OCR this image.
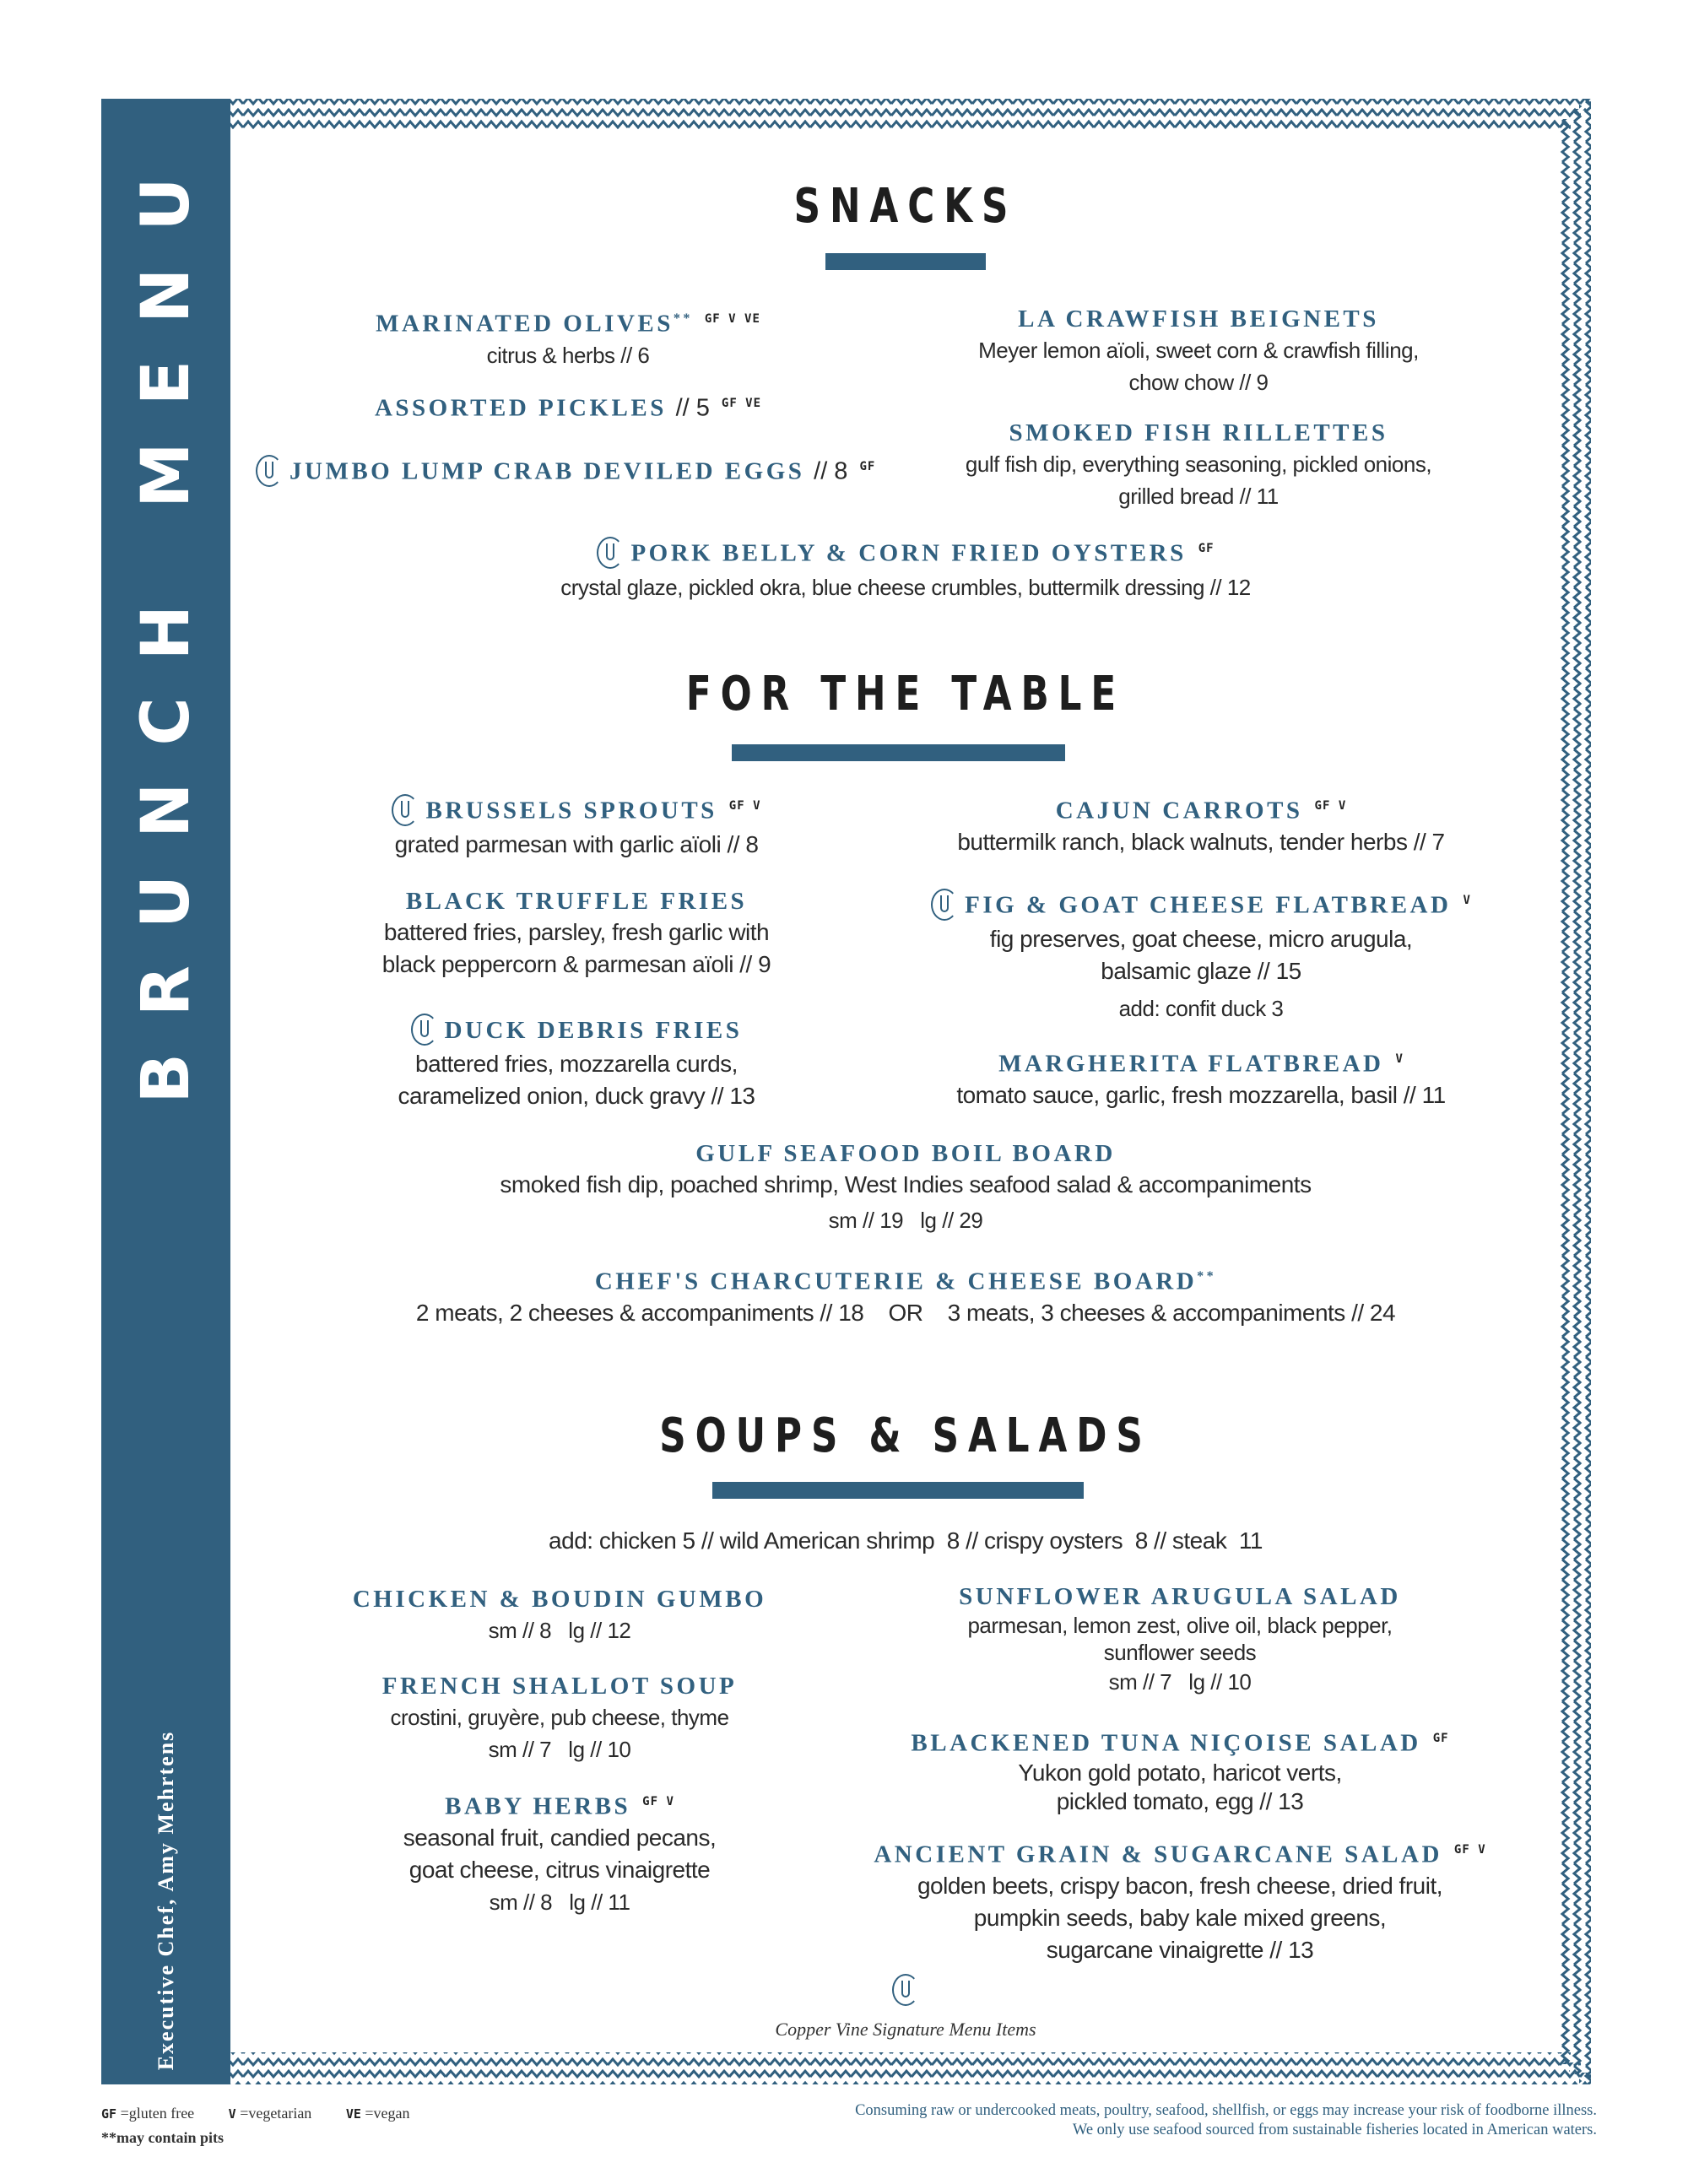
BRUNCH MENU
Executive Chef, Amy Mehrtens
SNACKS
MARINATED OLIVES** $^{GF V VE}$
citrus & herbs // 6
ASSORTED PICKLES // 5 $^{GF VE}$
JUMBO LUMP CRAB DEVILED EGGS // 8 $^{GF}$
LA CRAWFISH BEIGNETS
Meyer lemon aïoli, sweet corn & crawfish filling,
chow chow // 9
SMOKED FISH RILLETTES
gulf fish dip, everything seasoning, pickled onions,
grilled bread // 11
PORK BELLY & CORN FRIED OYSTERS $^{GF}$
crystal glaze, pickled okra, blue cheese crumbles, buttermilk dressing // 12
FOR THE TABLE
BRUSSELS SPROUTS $^{GF V}$
grated parmesan with garlic aïoli // 8
BLACK TRUFFLE FRIES
battered fries, parsley, fresh garlic with
black peppercorn & parmesan aïoli // 9
DUCK DEBRIS FRIES
battered fries, mozzarella curds,
caramelized onion, duck gravy // 13
CAJUN CARROTS $^{GF V}$
buttermilk ranch, black walnuts, tender herbs // 7
FIG & GOAT CHEESE FLATBREAD $^V$
fig preserves, goat cheese, micro arugula,
balsamic glaze // 15
add: confit duck 3
MARGHERITA FLATBREAD $^V$
tomato sauce, garlic, fresh mozzarella, basil // 11
GULF SEAFOOD BOIL BOARD
smoked fish dip, poached shrimp, West Indies seafood salad & accompaniments
sm // 19   lg // 29
CHEF'S CHARCUTERIE & CHEESE BOARD**
2 meats, 2 cheeses & accompaniments // 18    OR    3 meats, 3 cheeses & accompaniments // 24
SOUPS & SALADS
add: chicken 5 // wild American shrimp  8 // crispy oysters  8 // steak  11
CHICKEN & BOUDIN GUMBO
sm // 8   lg // 12
FRENCH SHALLOT SOUP
crostini, gruyère, pub cheese, thyme
sm // 7   lg // 10
BABY HERBS $^{GF V}$
seasonal fruit, candied pecans,
goat cheese, citrus vinaigrette
sm // 8   lg // 11
SUNFLOWER ARUGULA SALAD
parmesan, lemon zest, olive oil, black pepper,
sunflower seeds
sm // 7   lg // 10
BLACKENED TUNA NIÇOISE SALAD $^{GF}$
Yukon gold potato, haricot verts,
pickled tomato, egg // 13
ANCIENT GRAIN & SUGARCANE SALAD $^{GF V}$
golden beets, crispy bacon, fresh cheese, dried fruit,
pumpkin seeds, baby kale mixed greens,
sugarcane vinaigrette // 13
Copper Vine Signature Menu Items
GF =gluten free	V =vegetarian	VE =vegan
**may contain pits
Consuming raw or undercooked meats, poultry, seafood, shellfish, or eggs may increase your risk of foodborne illness.
We only use seafood sourced from sustainable fisheries located in American waters.
